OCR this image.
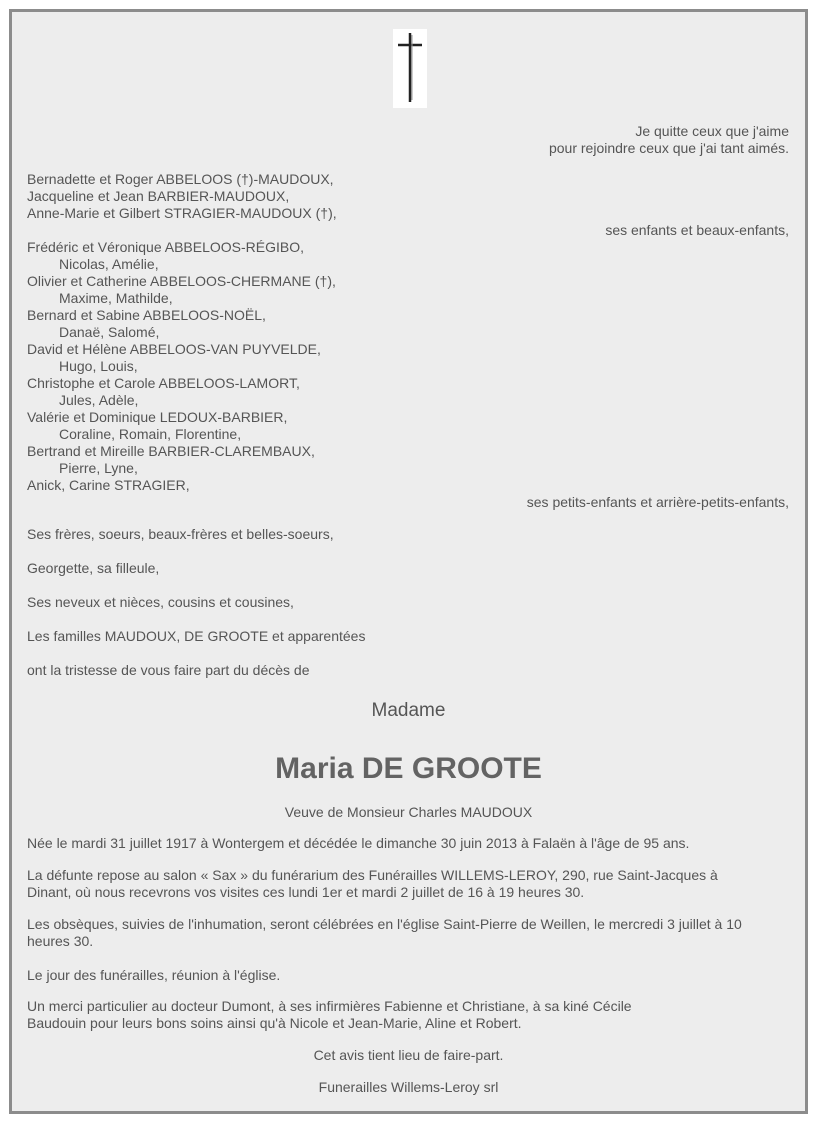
Je quitte ceux que j'aime
pour rejoindre ceux que j'ai tant aimés.
Bernadette et Roger ABBELOOS (†)-MAUDOUX,
Jacqueline et Jean BARBIER-MAUDOUX,
Anne-Marie et Gilbert STRAGIER-MAUDOUX (†),
ses enfants et beaux-enfants,
Frédéric et Véronique ABBELOOS-RÉGIBO,
Nicolas, Amélie,
Olivier et Catherine ABBELOOS-CHERMANE (†),
Maxime, Mathilde,
Bernard et Sabine ABBELOOS-NOËL,
Danaë, Salomé,
David et Hélène ABBELOOS-VAN PUYVELDE,
Hugo, Louis,
Christophe et Carole ABBELOOS-LAMORT,
Jules, Adèle,
Valérie et Dominique LEDOUX-BARBIER,
Coraline, Romain, Florentine,
Bertrand et Mireille BARBIER-CLAREMBAUX,
Pierre, Lyne,
Anick, Carine STRAGIER,
ses petits-enfants et arrière-petits-enfants,
Ses frères, soeurs, beaux-frères et belles-soeurs,
Georgette, sa filleule,
Ses neveux et nièces, cousins et cousines,
Les familles MAUDOUX, DE GROOTE et apparentées
ont la tristesse de vous faire part du décès de
Madame
Maria DE GROOTE
Veuve de Monsieur Charles MAUDOUX
Née le mardi 31 juillet 1917 à Wontergem et décédée le dimanche 30 juin 2013 à Falaën à l'âge de 95 ans.
La défunte repose au salon « Sax » du funérarium des Funérailles WILLEMS-LEROY, 290, rue Saint-Jacques à
Dinant, où nous recevrons vos visites ces lundi 1er et mardi 2 juillet de 16 à 19 heures 30.
Les obsèques, suivies de l'inhumation, seront célébrées en l'église Saint-Pierre de Weillen, le mercredi 3 juillet à 10
heures 30.
Le jour des funérailles, réunion à l'église.
Un merci particulier au docteur Dumont, à ses infirmières Fabienne et Christiane, à sa kiné Cécile
Baudouin pour leurs bons soins ainsi qu'à Nicole et Jean-Marie, Aline et Robert.
Cet avis tient lieu de faire-part.
Funerailles Willems-Leroy srl
